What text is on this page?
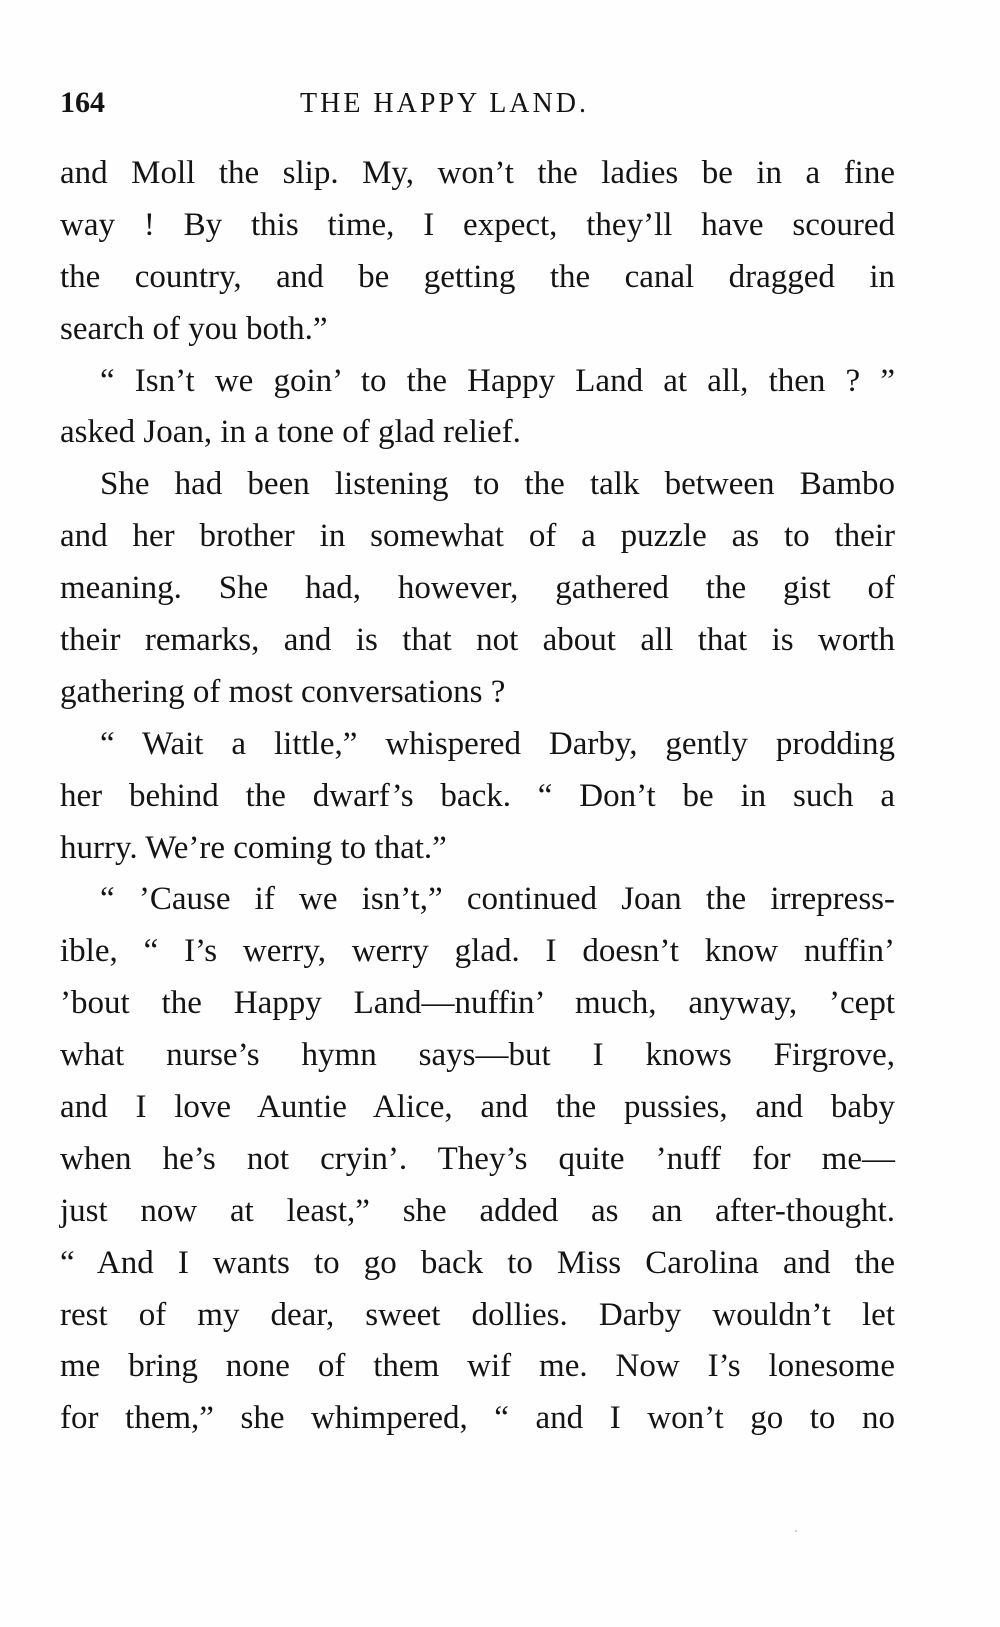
164	THE HAPPY LAND.
and Moll the slip. My, won’t the ladies be in a fine
way ! By this time, I expect, they’ll have scoured
the country, and be getting the canal dragged in
search of you both.”
“ Isn’t we goin’ to the Happy Land at all, then ? ”
asked Joan, in a tone of glad relief.
She had been listening to the talk between Bambo
and her brother in somewhat of a puzzle as to their
meaning. She had, however, gathered the gist of
their remarks, and is that not about all that is worth
gathering of most conversations ?
“ Wait a little,” whispered Darby, gently prodding
her behind the dwarf’s back. “ Don’t be in such a
hurry. We’re coming to that.”
“ ’Cause if we isn’t,” continued Joan the irrepress-
ible, “ I’s werry, werry glad. I doesn’t know nuffin’
’bout the Happy Land—nuffin’ much, anyway, ’cept
what nurse’s hymn says—but I knows Firgrove,
and I love Auntie Alice, and the pussies, and baby
when he’s not cryin’. They’s quite ’nuff for me—
just now at least,” she added as an after-thought.
“ And I wants to go back to Miss Carolina and the
rest of my dear, sweet dollies. Darby wouldn’t let
me bring none of them wif me. Now I’s lonesome
for them,” she whimpered, “ and I won’t go to no
